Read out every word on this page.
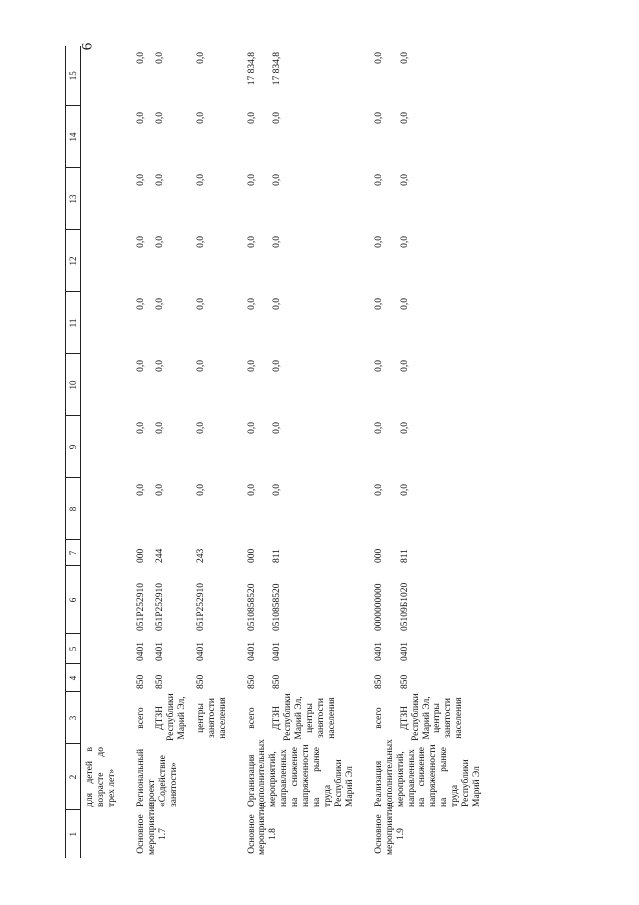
6
1	2	3	4	5	6	7	8	9	10	11	12	13	14	15
	для детей в возрасте до трех лет»													
Основное мероприятие 1.7	Региональный проект «Содействие занятости»	всего	850	0401	051P252910	000	0,0	0,0	0,0	0,0	0,0	0,0	0,0	0,0
		ДТЗН Республики Марий Эл,	850	0401	051P252910	244	0,0	0,0	0,0	0,0	0,0	0,0	0,0	0,0
		центры занятости населения	850	0401	051P252910	243	0,0	0,0	0,0	0,0	0,0	0,0	0,0	0,0
Основное мероприятие 1.8	Организация дополнительных мероприятий, направленных на снижение напряженности на рынке труда Республики Марий Эл	всего	850	0401	0510858520	000	0,0	0,0	0,0	0,0	0,0	0,0	0,0	17 834,8
		ДТЗН Республики Марий Эл, центры занятости населения	850	0401	0510858520	811	0,0	0,0	0,0	0,0	0,0	0,0	0,0	17 834,8
Основное мероприятие 1.9	Реализация дополнительных мероприятий, направленных на снижение напряженности на рынке труда Республики Марий Эл	всего	850	0401	0000000000	000	0,0	0,0	0,0	0,0	0,0	0,0	0,0	0,0
		ДТЗН Республики Марий Эл, центры занятости населения	850	0401	05109Б1020	811	0,0	0,0	0,0	0,0	0,0	0,0	0,0	0,0
